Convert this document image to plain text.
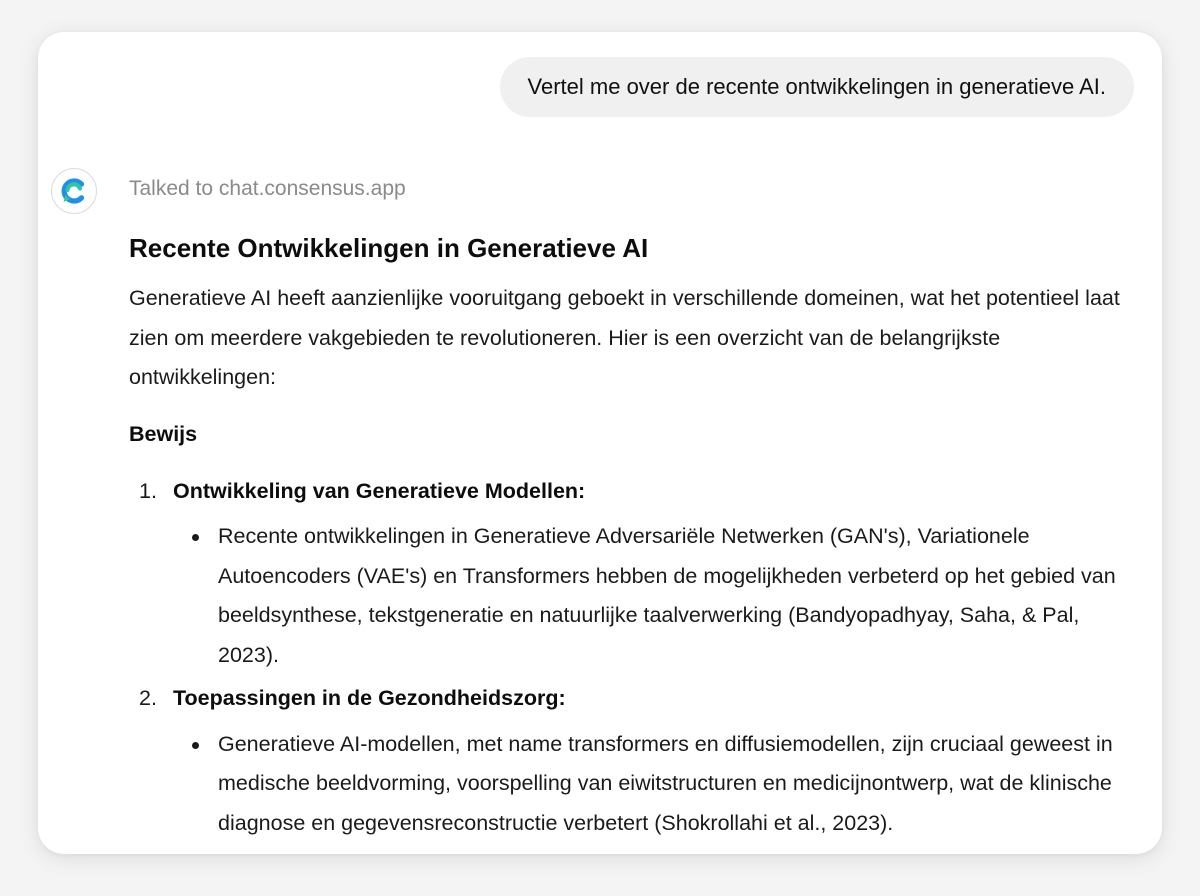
Vertel me over de recente ontwikkelingen in generatieve AI.
Talked to chat.consensus.app
Recente Ontwikkelingen in Generatieve AI

Generatieve AI heeft aanzienlijke vooruitgang geboekt in verschillende domeinen, wat het potentieel laat zien om meerdere vakgebieden te revolutioneren. Hier is een overzicht van de belangrijkste ontwikkelingen:

Bewijs
1. Ontwikkeling van Generatieve Modellen:
Recente ontwikkelingen in Generatieve Adversariële Netwerken (GAN's), Variationele Autoencoders (VAE's) en Transformers hebben de mogelijkheden verbeterd op het gebied van beeldsynthese, tekstgeneratie en natuurlijke taalverwerking (Bandyopadhyay, Saha, & Pal, 2023).
2. Toepassingen in de Gezondheidszorg:
Generatieve AI-modellen, met name transformers en diffusiemodellen, zijn cruciaal geweest in medische beeldvorming, voorspelling van eiwitstructuren en medicijnontwerp, wat de klinische diagnose en gegevensreconstructie verbetert (Shokrollahi et al., 2023).
